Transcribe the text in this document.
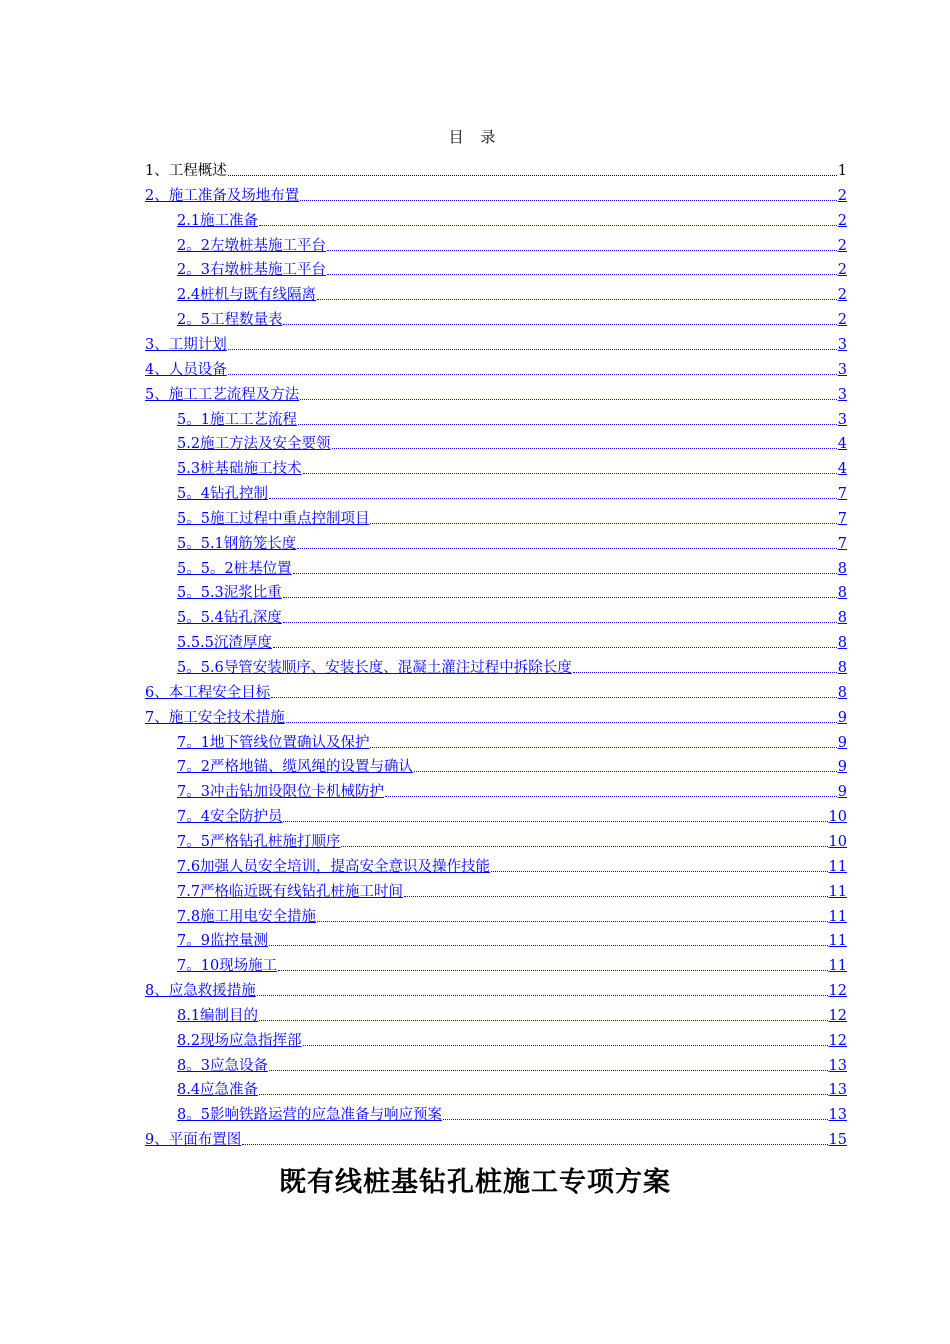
目 录
1、工程概述	1
2、施工准备及场地布置	2
2.1施工准备	2
2。2左墩桩基施工平台	2
2。3右墩桩基施工平台	2
2.4桩机与既有线隔离	2
2。5工程数量表	2
3、工期计划	3
4、人员设备	3
5、施工工艺流程及方法	3
5。1施工工艺流程	3
5.2施工方法及安全要领	4
5.3桩基础施工技术	4
5。4钻孔控制	7
5。5施工过程中重点控制项目	7
5。5.1钢筋笼长度	7
5。5。2桩基位置	8
5。5.3泥浆比重	8
5。5.4钻孔深度	8
5.5.5沉渣厚度	8
5。5.6导管安装顺序、安装长度、混凝土灌注过程中拆除长度	8
6、本工程安全目标	8
7、施工安全技术措施	9
7。1地下管线位置确认及保护	9
7。2严格地锚、缆风绳的设置与确认	9
7。3冲击钻加设限位卡机械防护	9
7。4安全防护员	10
7。5严格钻孔桩施打顺序	10
7.6加强人员安全培训，提高安全意识及操作技能	11
7.7严格临近既有线钻孔桩施工时间	11
7.8施工用电安全措施	11
7。9监控量测	11
7。10现场施工	11
8、应急救援措施	12
8.1编制目的	12
8.2现场应急指挥部	12
8。3应急设备	13
8.4应急准备	13
8。5影响铁路运营的应急准备与响应预案	13
9、平面布置图	15
既有线桩基钻孔桩施工专项方案
